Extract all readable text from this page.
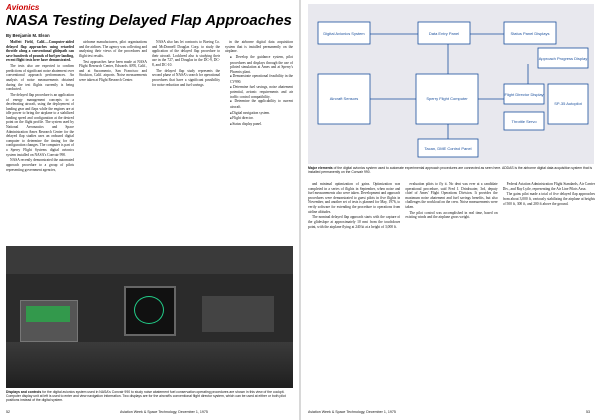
Avionics
NASA Testing Delayed Flap Approaches
By Benjamin M. Elson

Moffett Field, Calif.—Computer-aided delayed flap approaches using retarded throttle along a conventional glidepath can save hundreds of pounds of fuel per landing, recent flight tests here have demonstrated.

The tests also are expected to confirm predictions of significant noise abatement over conventional approach performances. An analysis of noise measurements obtained during the test flights currently is being conducted.

The delayed flap procedure is an application of energy management concepts to a decelerating aircraft, using the deployment of landing gear and flaps while the engines are at idle power to bring the airplane to a stabilized landing speed and configuration at the desired point on the flight profile. The system used by National Aeronautics and Space Administration Ames Research Center for the delayed flap studies uses an onboard digital computer to determine the timing for the configuration changes. The computer is part of a Sperry Flight Systems digital avionics system installed on NASA's Convair 990.

NASA recently demonstrated the automated approach procedure to a group of pilots representing government agencies,

airframe manufacturers, pilot organizations and the airlines. The agency was collecting and analyzing their views of the procedures and flight test results.

Test approaches have been made at NASA Flight Research Center, Edwards AFB, Calif., and at Sacramento, San Francisco and Stockton, Calif. airports. Noise measurements were taken at Flight Research Center.

NASA also has let contracts to Boeing Co. and McDonnell Douglas Corp. to study the application of the delayed flap procedure to their aircraft. Lockheed also is studying their use in the 727, and Douglas in the DC-9, DC-8, and DC-10.

The delayed flap study represents the second phase of NASA's search for operational procedures that have a significant possibility for noise reduction and fuel savings.

in the airborne digital data acquisition system that is installed permanently on the airplane.

■ Develop the guidance system, pilot procedures and displays through the use of piloted simulation at Ames and at Sperry's Phoenix plant.
■ Demonstrate operational feasibility in the CV990.
■ Determine fuel savings, noise abatement potential, avionic requirements and air traffic control compatibility.
■ Determine the applicability to current aircraft.
■ Digital navigation system.
■ Flight director.
■ Status display panel.
Displays and controls for the digital avionics system used in NASA's Convair 990 to study noise abatement fuel conservation operating procedures are shown in this view of the cockpit. Computer display unit at left is used to enter and view navigation information. Two displays are for the aircraft's conventional flight director system, which can be used at either or both pilot positions instead of the digital system.
52	Aviation Week & Space Technology, December 1, 1975
Digital Avionics System	Data Entry Panel	Status Panel Displays
Approach Progress Display
Aircraft Sensors	Sperry Flight Computer
Tacan, DME Control Panel
Flight Director Display
SP-35 Autopilot
Throttle Servo
Major elements of the digital avionics system used to automate experimental approach procedures are connected as seen here. ADDAS is the airborne digital data acquisition system that is installed permanently on the Convair 990.

and minimal optimization of gains. Optimization was completed in a series of flights in September, when noise and fuel measurements also were taken. Development and approach procedures were demonstrated to guest pilots in five flights in November, and another set of tests is planned for May, 1976, to verify software for extending the procedure to operations from airline altitudes.

The nominal delayed flap approach starts with the capture of the glideslope at approximately 10 nmi from the touchdown point, with the airplane flying at 240 kt at a height of 3,000 ft.

evaluation pilots to fly it. No dent was ever at a candidate operational procedure, said Fred J. Drinkwater, 3rd, deputy chief of Ames' Flight Operations Division. It provides the maximum noise abatement and fuel savings benefits, but also challenges the workload on the crew. Noise measurements were taken.

The pilot control was accomplished in real time, based on existing winds and the airplane gross weight.

Federal Aviation Administration Flight Standards, Air Carrier Div., and Ray Lytle, representing the Air Line Pilots Assn.

The gains pilot made a total of five delayed flap approaches from about 3,000 ft, variously stabilizing the airplane at heights of 500 ft, 300 ft, and 200 ft above the ground.

Aviation Week & Space Technology, December 1, 1975	53
